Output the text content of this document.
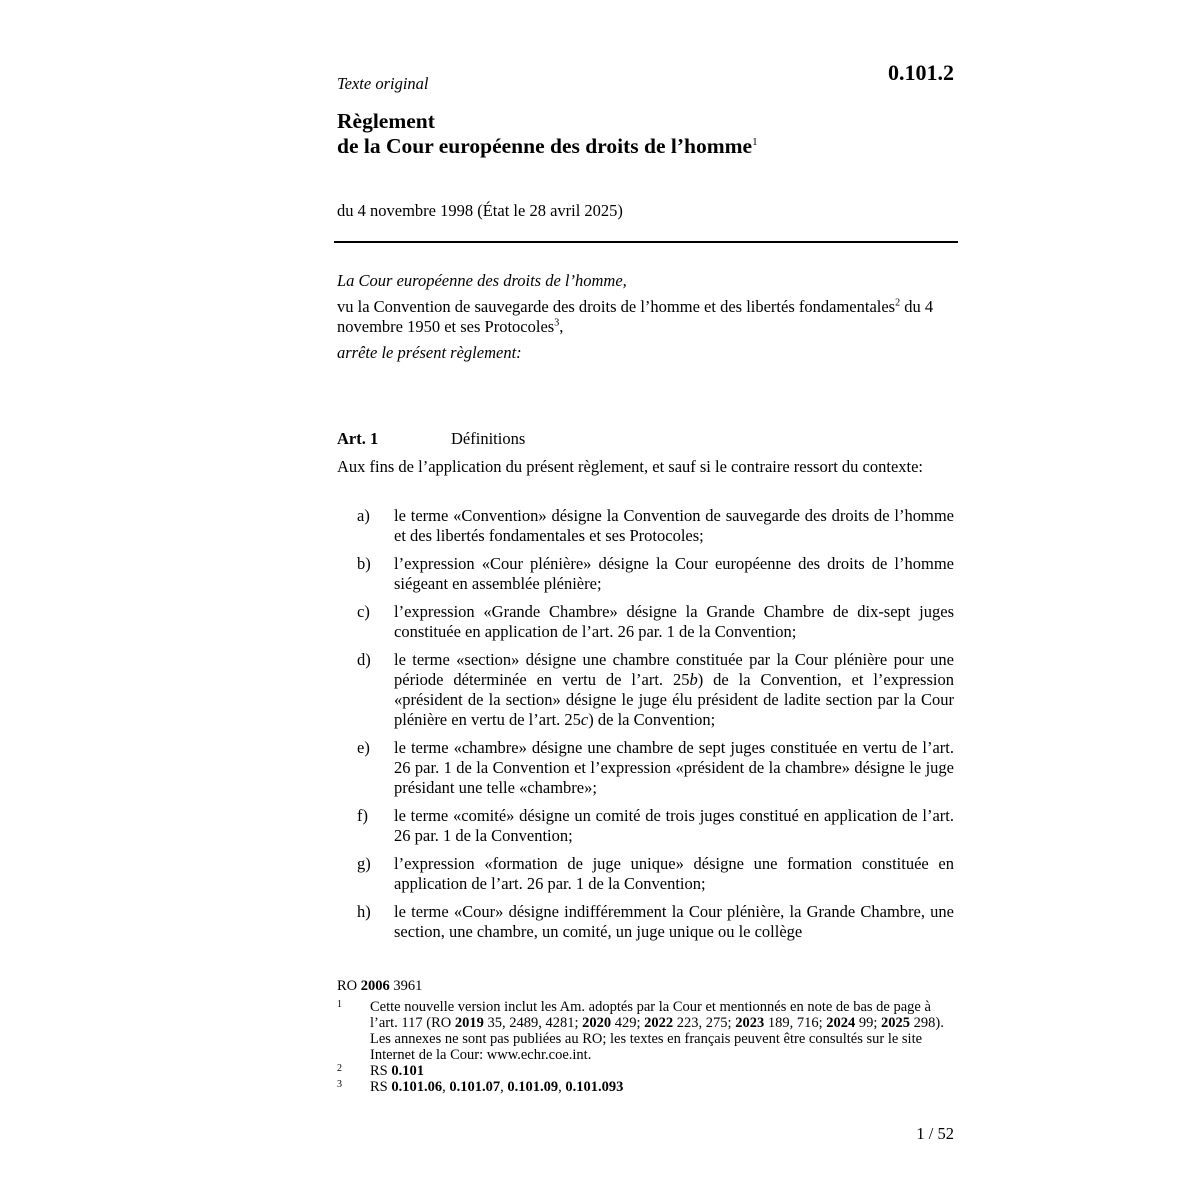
0.101.2
Texte original
Règlement
de la Cour européenne des droits de l’homme$^1$
du 4 novembre 1998 (État le 28 avril 2025)

La Cour européenne des droits de l’homme,

vu la Convention de sauvegarde des droits de l’homme et des libertés fondamentales$^2$ du 4 novembre 1950 et ses Protocoles$^3$,

arrête le présent règlement:

Art. 1	Définitions
Aux fins de l’application du présent règlement, et sauf si le contraire ressort du contexte:
a) le terme «Convention» désigne la Convention de sauvegarde des droits de l’homme et des libertés fondamentales et ses Protocoles;
b) l’expression «Cour plénière» désigne la Cour européenne des droits de l’homme siégeant en assemblée plénière;
c) l’expression «Grande Chambre» désigne la Grande Chambre de dix-sept juges constituée en application de l’art. 26 par. 1 de la Convention;
d) le terme «section» désigne une chambre constituée par la Cour plénière pour une période déterminée en vertu de l’art. 25b) de la Convention, et l’expression «président de la section» désigne le juge élu président de ladite section par la Cour plénière en vertu de l’art. 25c) de la Convention;
e) le terme «chambre» désigne une chambre de sept juges constituée en vertu de l’art. 26 par. 1 de la Convention et l’expression «président de la chambre» désigne le juge présidant une telle «chambre»;
f) le terme «comité» désigne un comité de trois juges constitué en application de l’art. 26 par. 1 de la Convention;
g) l’expression «formation de juge unique» désigne une formation constituée en application de l’art. 26 par. 1 de la Convention;
h) le terme «Cour» désigne indifféremment la Cour plénière, la Grande Chambre, une section, une chambre, un comité, un juge unique ou le collège
RO 2006 3961
1 Cette nouvelle version inclut les Am. adoptés par la Cour et mentionnés en note de bas de page à l’art. 117 (RO 2019 35, 2489, 4281; 2020 429; 2022 223, 275; 2023 189, 716; 2024 99; 2025 298). Les annexes ne sont pas publiées au RO; les textes en français peuvent être consultés sur le site Internet de la Cour: www.echr.coe.int.
2 RS 0.101
3 RS 0.101.06, 0.101.07, 0.101.09, 0.101.093
1 / 52
